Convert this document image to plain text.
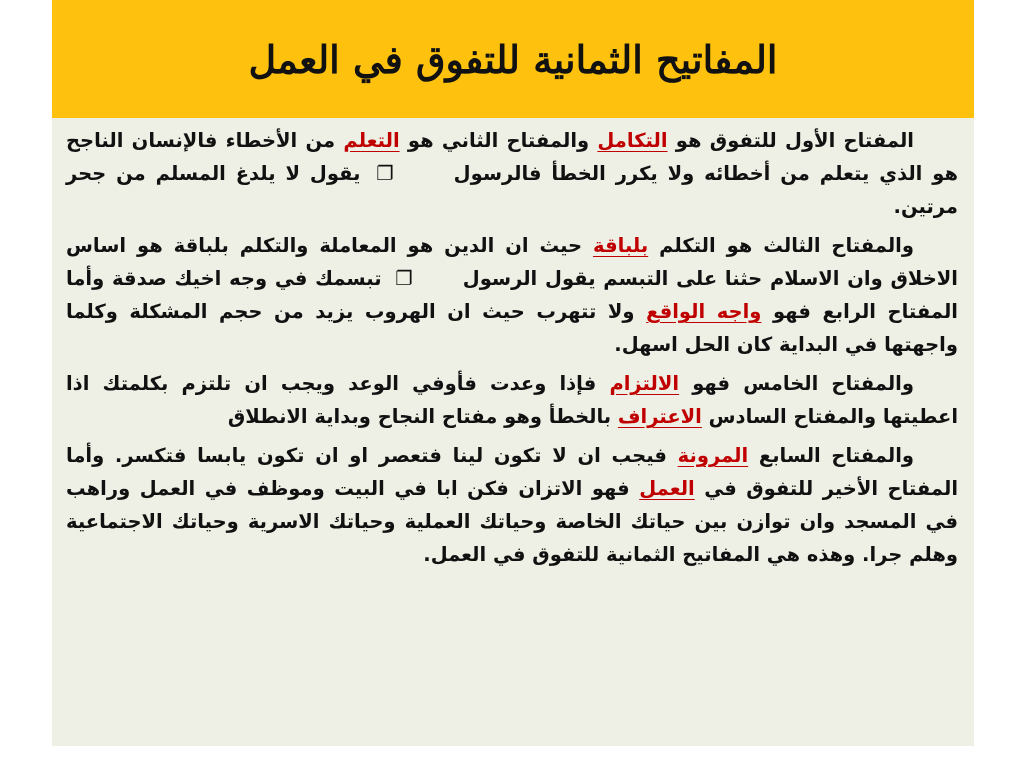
المفاتيح الثمانية للتفوق في العمل

المفتاح الأول للتفوق هو التكامل والمفتاح الثاني هو التعلم من الأخطاء فالإنسان الناجح هو الذي يتعلم من أخطائه ولا يكرر الخطأ فالرسول ❐ يقول لا يلدغ المسلم من جحر مرتين.

والمفتاح الثالث هو التكلم بلباقة حيث ان الدين هو المعاملة والتكلم بلباقة هو اساس الاخلاق وان الاسلام حثنا على التبسم يقول الرسول❐ تبسمك في وجه اخيك صدقة وأما المفتاح الرابع فهو واجه الواقع ولا تتهرب حيث ان الهروب يزيد من حجم المشكلة وكلما واجهتها في البداية كان الحل اسهل.

والمفتاح الخامس فهو الالتزام فإذا وعدت فأوفي الوعد ويجب ان تلتزم بكلمتك اذا اعطيتها والمفتاح السادس الاعتراف بالخطأ وهو مفتاح النجاح وبداية الانطلاق

والمفتاح السابع المرونة فيجب ان لا تكون لينا فتعصر او ان تكون يابسا فتكسر. وأما المفتاح الأخير للتفوق في العمل فهو الاتزان فكن ابا في البيت وموظف في العمل وراهب في المسجد وان توازن بين حياتك الخاصة وحياتك العملية وحياتك الاسرية وحياتك الاجتماعية وهلم جرا. وهذه هي المفاتيح الثمانية للتفوق في العمل.
